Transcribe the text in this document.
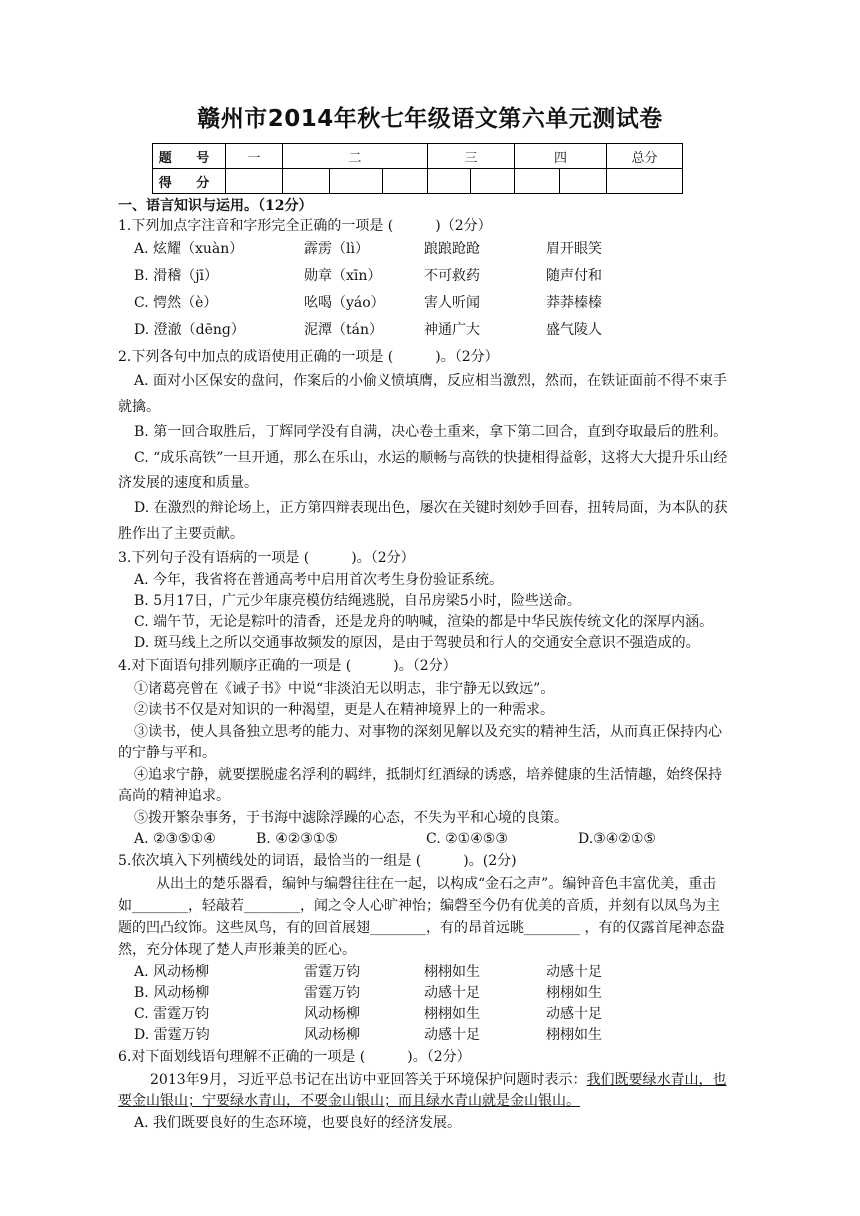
赣州市2014年秋七年级语文第六单元测试卷
题 号	一	二			三		四		总分
得 分									
一、语言知识与运用。（12分）
1.下列加点字注音和字形完全正确的一项是 (　　　)（2分）
A. 炫耀（xuàn）	霹雳（lì）	踉踉跄跄	眉开眼笑
B. 滑稽（jī）	勋章（xīn）	不可救药	随声付和
C. 愕然（è）	吆喝（yáo）	害人听闻	莽莽榛榛
D. 澄澈（dēnɡ）	泥潭（tán）	神通广大	盛气陵人
2.下列各句中加点的成语使用正确的一项是 (　　　)。（2分）
A. 面对小区保安的盘问，作案后的小偷义愤填膺，反应相当激烈，然而，在铁证面前不得不束手
就擒。
B. 第一回合取胜后，丁辉同学没有自满，决心卷土重来，拿下第二回合，直到夺取最后的胜利。
C. “成乐高铁”一旦开通，那么在乐山，水运的顺畅与高铁的快捷相得益彰，这将大大提升乐山经
济发展的速度和质量。
D. 在激烈的辩论场上，正方第四辩表现出色，屡次在关键时刻妙手回春，扭转局面，为本队的获
胜作出了主要贡献。
3.下列句子没有语病的一项是 (　　　)。（2分）
A. 今年，我省将在普通高考中启用首次考生身份验证系统。
B. 5月17日，广元少年康亮模仿结绳逃脱，自吊房梁5小时，险些送命。
C. 端午节，无论是粽叶的清香，还是龙舟的呐喊，渲染的都是中华民族传统文化的深厚内涵。
D. 斑马线上之所以交通事故频发的原因，是由于驾驶员和行人的交通安全意识不强造成的。
4.对下面语句排列顺序正确的一项是 (　　　)。（2分）
①诸葛亮曾在《诫子书》中说“非淡泊无以明志，非宁静无以致远”。
②读书不仅是对知识的一种渴望，更是人在精神境界上的一种需求。
③读书，使人具备独立思考的能力、对事物的深刻见解以及充实的精神生活，从而真正保持内心
的宁静与平和。
④追求宁静，就要摆脱虚名浮利的羁绊，抵制灯红酒绿的诱惑，培养健康的生活情趣，始终保持
高尚的精神追求。
⑤拨开繁杂事务，于书海中滤除浮躁的心态，不失为平和心境的良策。
A. ②③⑤①④	B. ④②③①⑤	C. ②①④⑤③	D.③④②①⑤
5.依次填入下列横线处的词语，最恰当的一组是 (　　　)。(2分)
从出土的楚乐器看，编钟与编磬往往在一起，以构成“金石之声”。编钟音色丰富优美，重击
如________，轻敲若________，闻之令人心旷神怡；编磬至今仍有优美的音质，并刻有以凤鸟为主
题的凹凸纹饰。这些凤鸟，有的回首展翅________，有的昂首远眺________ ，有的仅露首尾神态盎
然，充分体现了楚人声形兼美的匠心。
A. 风动杨柳	雷霆万钧	栩栩如生	动感十足
B. 风动杨柳	雷霆万钧	动感十足	栩栩如生
C. 雷霆万钧	风动杨柳	栩栩如生	动感十足
D. 雷霆万钧	风动杨柳	动感十足	栩栩如生
6.对下面划线语句理解不正确的一项是 (　　　)。（2分）
2013年9月，习近平总书记在出访中亚回答关于环境保护问题时表示：我们既要绿水青山，也
要金山银山；宁要绿水青山，不要金山银山；而且绿水青山就是金山银山。
A. 我们既要良好的生态环境，也要良好的经济发展。
